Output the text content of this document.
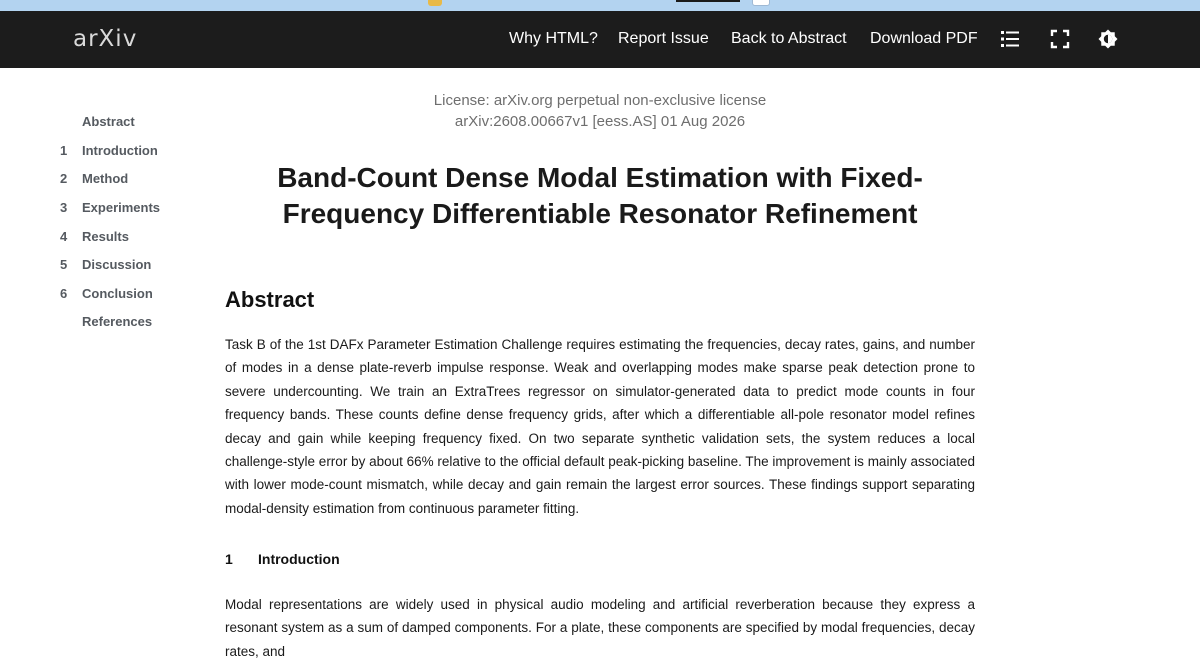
arXiv	Why HTML? Report Issue Back to Abstract Download PDF
Abstract
1	Introduction
2	Method
3	Experiments
4	Results
5	Discussion
6	Conclusion
References
License: arXiv.org perpetual non-exclusive license
arXiv:2608.00667v1 [eess.AS] 01 Aug 2026
Band-Count Dense Modal Estimation with Fixed-Frequency Differentiable Resonator Refinement
Abstract

Task B of the 1st DAFx Parameter Estimation Challenge requires estimating the frequencies, decay rates, gains, and number of modes in a dense plate-reverb impulse response. Weak and overlapping modes make sparse peak detection prone to severe undercounting. We train an ExtraTrees regressor on simulator-generated data to predict mode counts in four frequency bands. These counts define dense frequency grids, after which a differentiable all-pole resonator model refines decay and gain while keeping frequency fixed. On two separate synthetic validation sets, the system reduces a local challenge-style error by about 66% relative to the official default peak-picking baseline. The improvement is mainly associated with lower mode-count mismatch, while decay and gain remain the largest error sources. These findings support separating modal-density estimation from continuous parameter fitting.

1 Introduction

Modal representations are widely used in physical audio modeling and artificial reverberation because they express a resonant system as a sum of damped components. For a plate, these components are specified by modal frequencies, decay rates, and
